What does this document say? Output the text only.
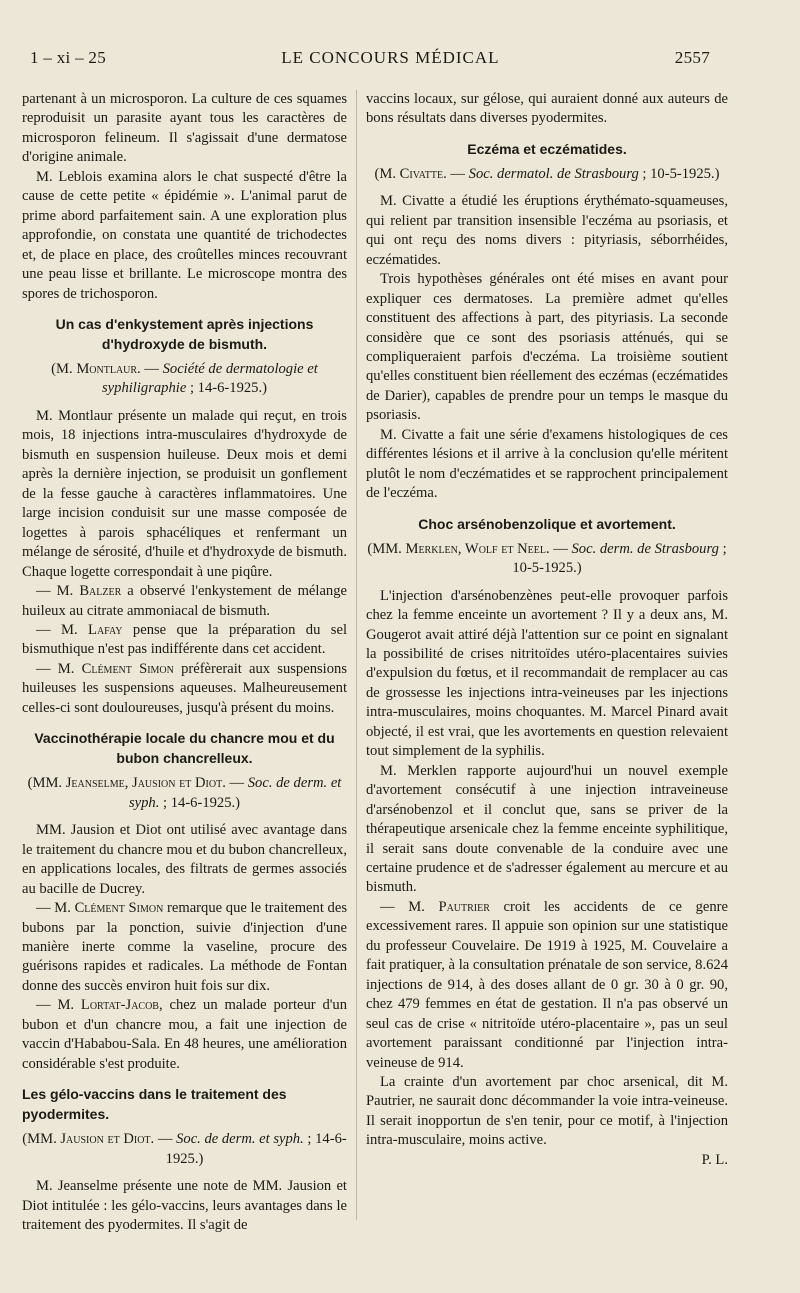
1 – xi – 25	LE CONCOURS MÉDICAL	2557

partenant à un microsporon. La culture de ces squames reproduisit un parasite ayant tous les caractères de microsporon felineum. Il s'agissait d'une dermatose d'origine animale.

M. Leblois examina alors le chat suspecté d'être la cause de cette petite « épidémie ». L'animal parut de prime abord parfaitement sain. A une exploration plus approfondie, on constata une quantité de trichodectes et, de place en place, des croûtelles minces recouvrant une peau lisse et brillante. Le microscope montra des spores de trichosporon.

Un cas d'enkystement après injections d'hydroxyde de bismuth.
(M. Montlaur. — Société de dermatologie et syphiligraphie ; 14-6-1925.)

M. Montlaur présente un malade qui reçut, en trois mois, 18 injections intra-musculaires d'hydroxyde de bismuth en suspension huileuse. Deux mois et demi après la dernière injection, se produisit un gonflement de la fesse gauche à caractères inflammatoires. Une large incision conduisit sur une masse composée de logettes à parois sphacéliques et renfermant un mélange de sérosité, d'huile et d'hydroxyde de bismuth. Chaque logette correspondait à une piqûre.

— M. Balzer a observé l'enkystement de mélange huileux au citrate ammoniacal de bismuth.

— M. Lafay pense que la préparation du sel bismuthique n'est pas indifférente dans cet accident.

— M. Clément Simon préfèrerait aux suspensions huileuses les suspensions aqueuses. Malheureusement celles-ci sont douloureuses, jusqu'à présent du moins.

Vaccinothérapie locale du chancre mou et du bubon chancrelleux.
(MM. Jeanselme, Jausion et Diot. — Soc. de derm. et syph. ; 14-6-1925.)

MM. Jausion et Diot ont utilisé avec avantage dans le traitement du chancre mou et du bubon chancrelleux, en applications locales, des filtrats de germes associés au bacille de Ducrey.

— M. Clément Simon remarque que le traitement des bubons par la ponction, suivie d'injection d'une manière inerte comme la vaseline, procure des guérisons rapides et radicales. La méthode de Fontan donne des succès environ huit fois sur dix.

— M. Lortat-Jacob, chez un malade porteur d'un bubon et d'un chancre mou, a fait une injection de vaccin d'Hababou-Sala. En 48 heures, une amélioration considérable s'est produite.

Les gélo-vaccins dans le traitement des pyodermites.
(MM. Jausion et Diot. — Soc. de derm. et syph. ; 14-6-1925.)

M. Jeanselme présente une note de MM. Jausion et Diot intitulée : les gélo-vaccins, leurs avantages dans le traitement des pyodermites. Il s'agit de

vaccins locaux, sur gélose, qui auraient donné aux auteurs de bons résultats dans diverses pyodermites.

Eczéma et eczématides.
(M. Civatte. — Soc. dermatol. de Strasbourg ; 10-5-1925.)

M. Civatte a étudié les éruptions érythémato-squameuses, qui relient par transition insensible l'eczéma au psoriasis, et qui ont reçu des noms divers : pityriasis, séborrhéides, eczématides.

Trois hypothèses générales ont été mises en avant pour expliquer ces dermatoses. La première admet qu'elles constituent des affections à part, des pityriasis. La seconde considère que ce sont des psoriasis atténués, qui se compliqueraient parfois d'eczéma. La troisième soutient qu'elles constituent bien réellement des eczémas (eczématides de Darier), capables de prendre pour un temps le masque du psoriasis.

M. Civatte a fait une série d'examens histologiques de ces différentes lésions et il arrive à la conclusion qu'elle méritent plutôt le nom d'eczématides et se rapprochent principalement de l'eczéma.

Choc arsénobenzolique et avortement.
(MM. Merklen, Wolf et Neel. — Soc. derm. de Strasbourg ; 10-5-1925.)

L'injection d'arsénobenzènes peut-elle provoquer parfois chez la femme enceinte un avortement ? Il y a deux ans, M. Gougerot avait attiré déjà l'attention sur ce point en signalant la possibilité de crises nitritoïdes utéro-placentaires suivies d'expulsion du fœtus, et il recommandait de remplacer au cas de grossesse les injections intra-veineuses par les injections intra-musculaires, moins choquantes. M. Marcel Pinard avait objecté, il est vrai, que les avortements en question relevaient tout simplement de la syphilis.

M. Merklen rapporte aujourd'hui un nouvel exemple d'avortement consécutif à une injection intraveineuse d'arsénobenzol et il conclut que, sans se priver de la thérapeutique arsenicale chez la femme enceinte syphilitique, il serait sans doute convenable de la conduire avec une certaine prudence et de s'adresser également au mercure et au bismuth.

— M. Pautrier croit les accidents de ce genre excessivement rares. Il appuie son opinion sur une statistique du professeur Couvelaire. De 1919 à 1925, M. Couvelaire a fait pratiquer, à la consultation prénatale de son service, 8.624 injections de 914, à des doses allant de 0 gr. 30 à 0 gr. 90, chez 479 femmes en état de gestation. Il n'a pas observé un seul cas de crise « nitritoïde utéro-placentaire », pas un seul avortement paraissant conditionné par l'injection intra-veineuse de 914.

La crainte d'un avortement par choc arsenical, dit M. Pautrier, ne saurait donc décommander la voie intra-veineuse. Il serait inopportun de s'en tenir, pour ce motif, à l'injection intra-musculaire, moins active.

P. L.
